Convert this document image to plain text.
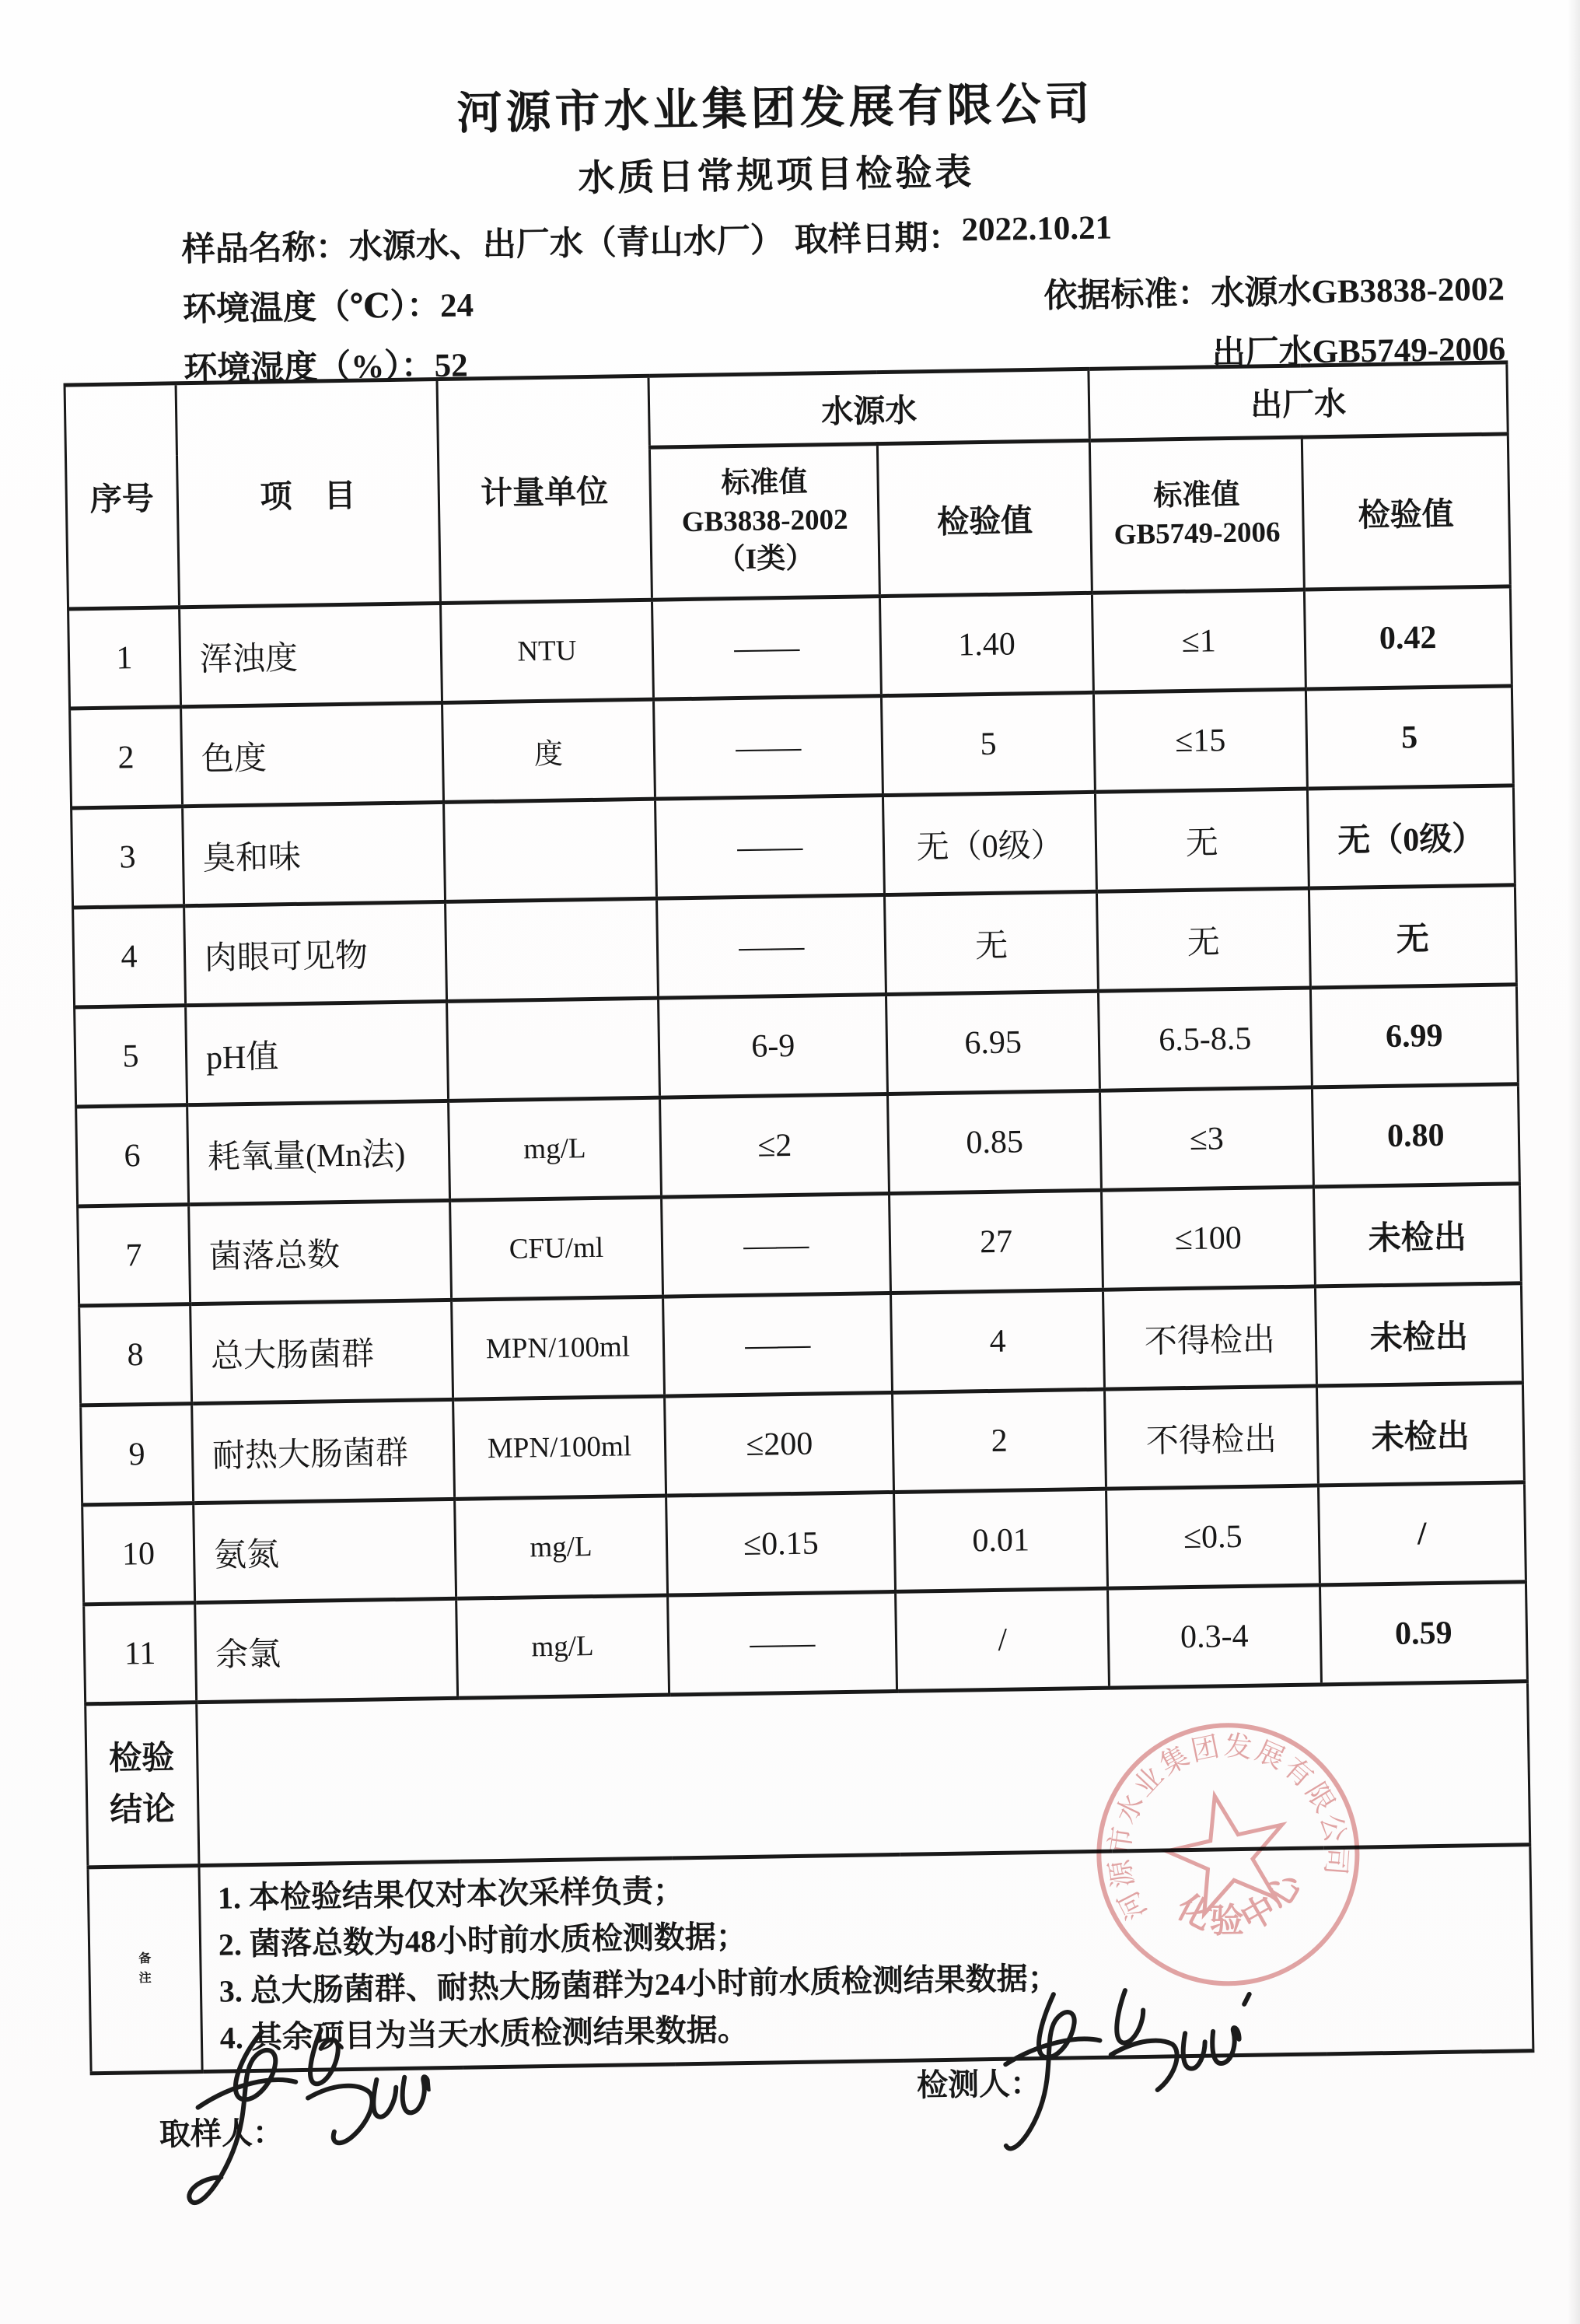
河源市水业集团发展有限公司
水质日常规项目检验表
样品名称： 水源水、出厂水（青山水厂） 取样日期： 2022.10.21
环境温度（℃）：24	依据标准：水源水GB3838-2002
环境湿度（%）：52	出厂水GB5749-2006
序号	项　目	计量单位	水源水		出厂水	
			标准值
GB3838-2002
（I类）	检验值	标准值
GB5749-2006	检验值
1	浑浊度	NTU	——	1.40	≤1	0.42
2	色度	度	——	5	≤15	5
3	臭和味		——	无（0级）	无	无（0级）
4	肉眼可见物		——	无	无	无
5	pH值		6-9	6.95	6.5-8.5	6.99
6	耗氧量(Mn法)	mg/L	≤2	0.85	≤3	0.80
7	菌落总数	CFU/ml	——	27	≤100	未检出
8	总大肠菌群	MPN/100ml	——	4	不得检出	未检出
9	耐热大肠菌群	MPN/100ml	≤200	2	不得检出	未检出
10	氨氮	mg/L	≤0.15	0.01	≤0.5	/
11	余氯	mg/L	——	/	0.3-4	0.59
检验结论						
备注	1. 本检验结果仅对本次采样负责；
2. 菌落总数为48小时前水质检测数据；
3. 总大肠菌群、耐热大肠菌群为24小时前水质检测结果数据；
4. 其余项目为当天水质检测结果数据。					
河源市水业集团发展有限公司
化验中心
取样人：
检测人：
